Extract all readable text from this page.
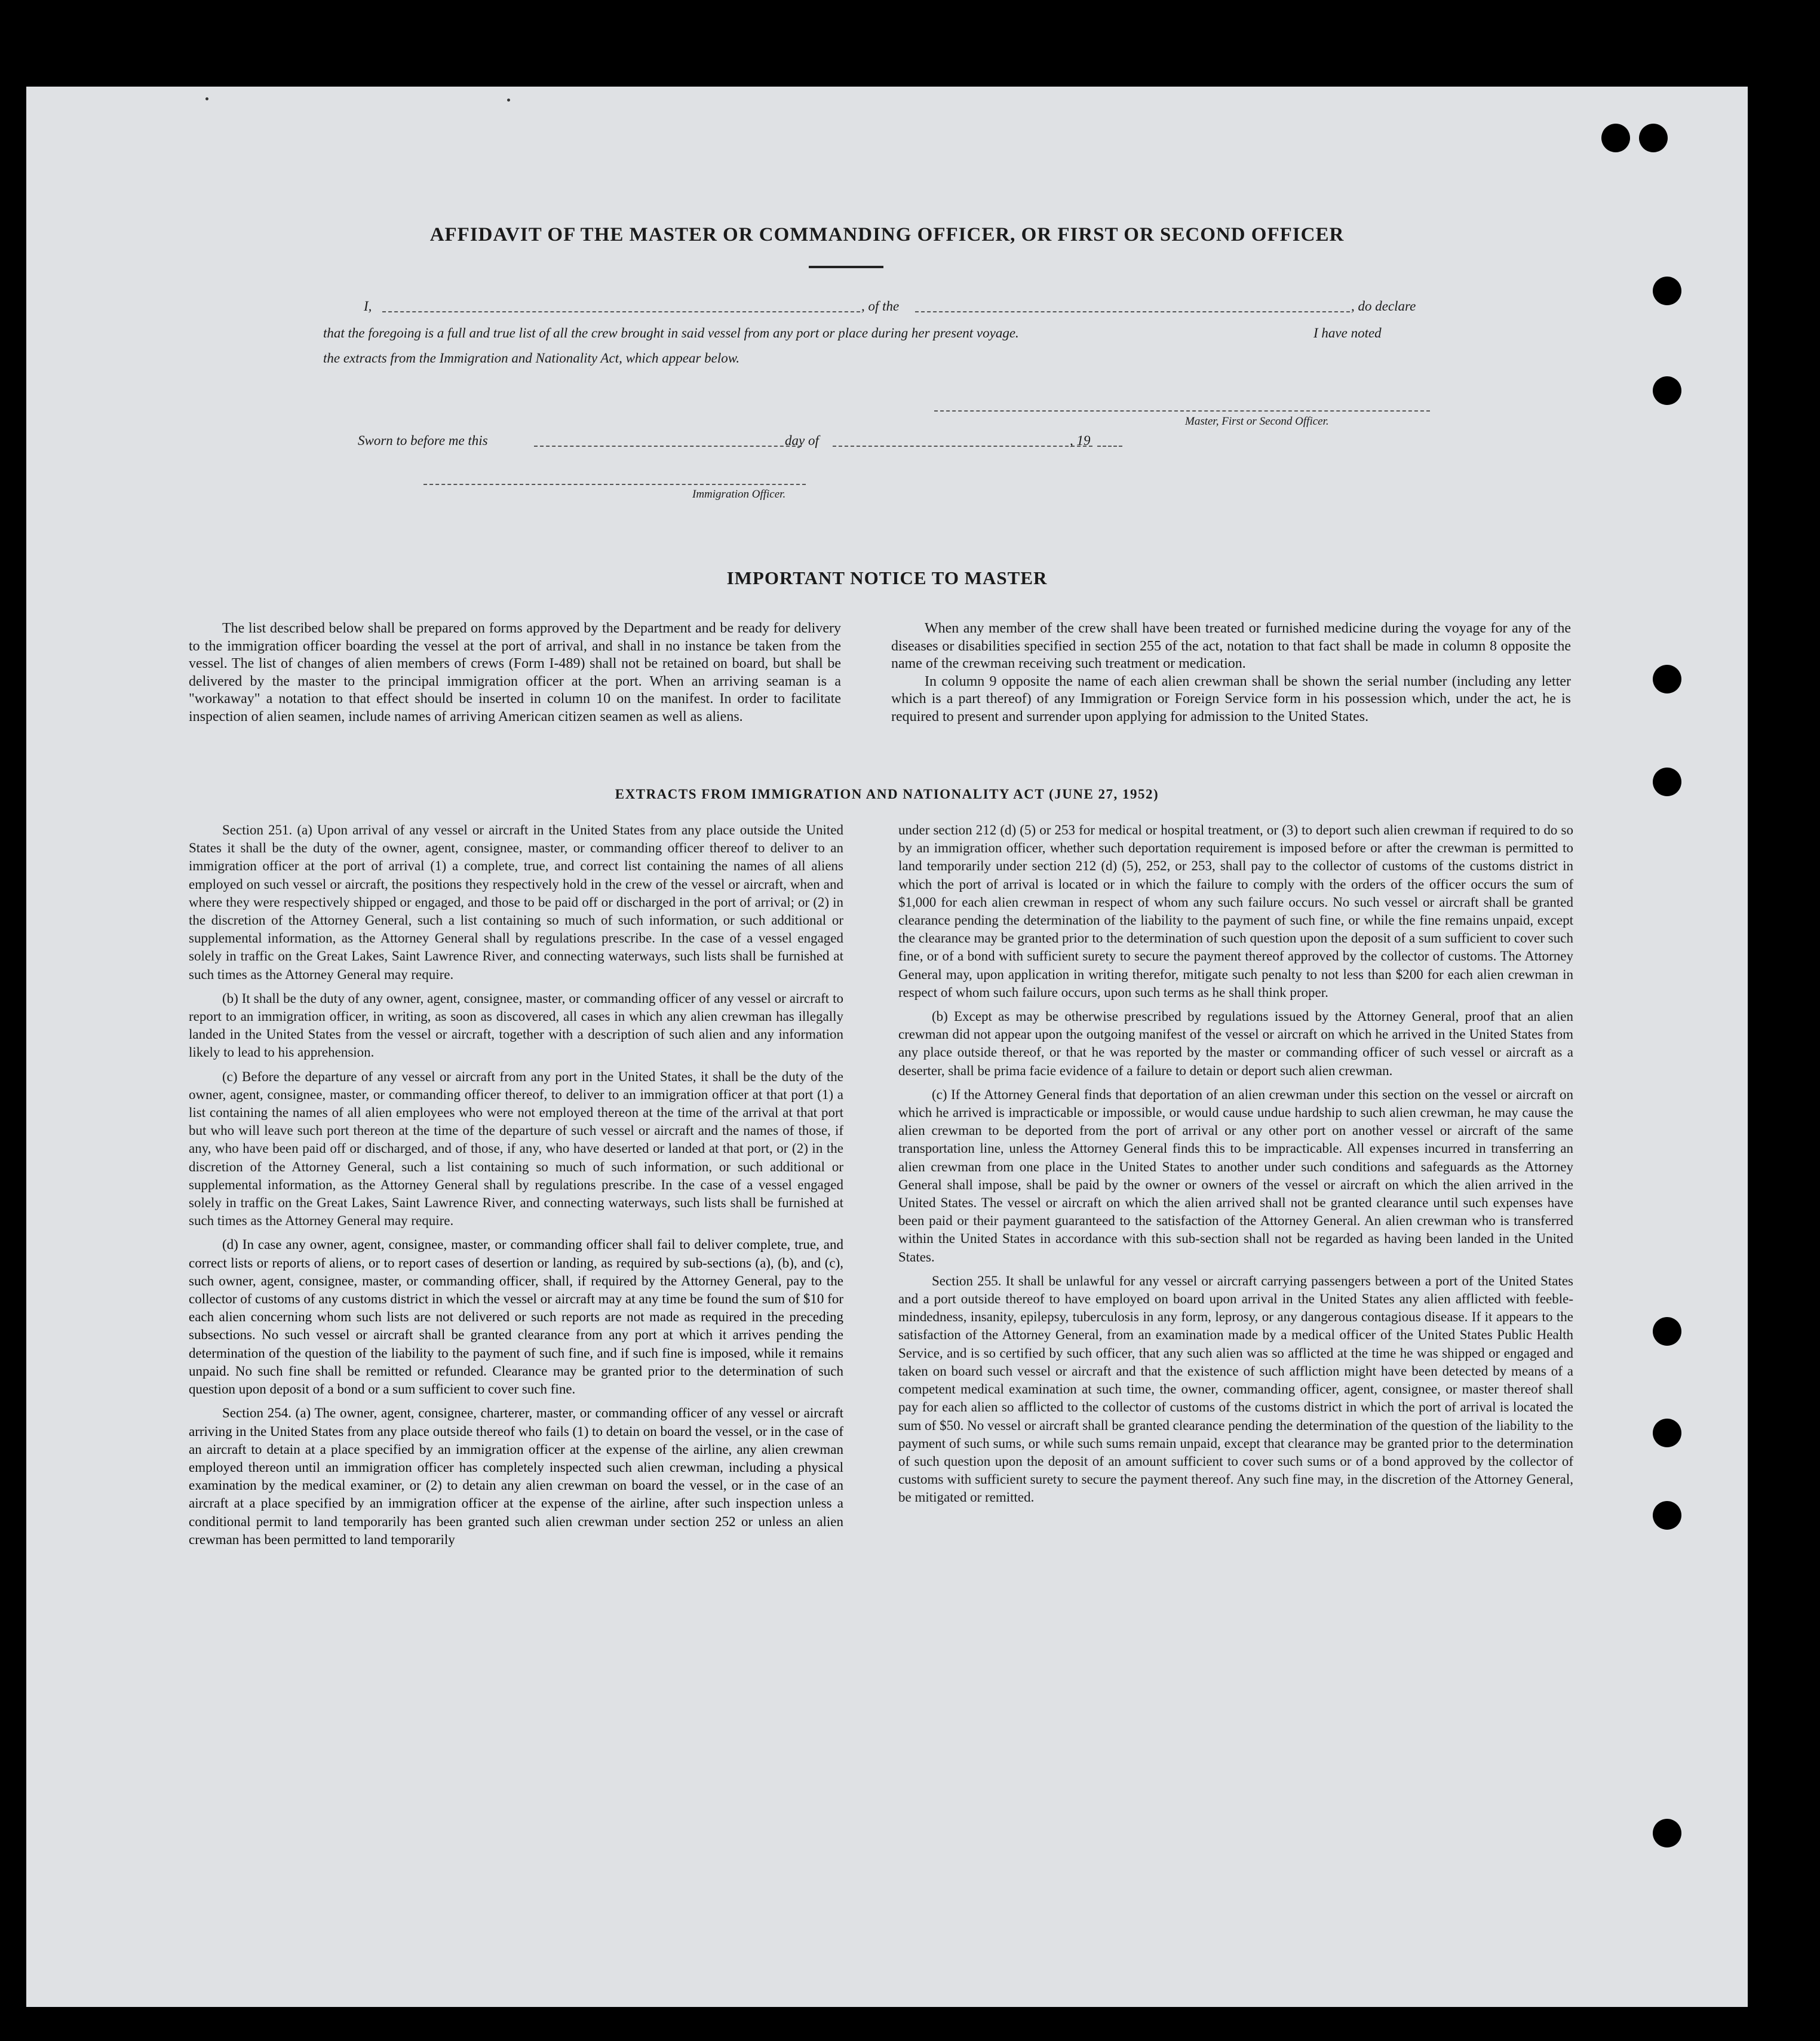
AFFIDAVIT OF THE MASTER OR COMMANDING OFFICER, OR FIRST OR SECOND OFFICER
I,	, of the	, do declare
that the foregoing is a full and true list of all the crew brought in said vessel from any port or place during her present voyage.	I have noted
the extracts from the Immigration and Nationality Act, which appear below.
Master, First or Second Officer.
Sworn to before me this	day of	, 19
Immigration Officer.
IMPORTANT NOTICE TO MASTER

The list described below shall be prepared on forms approved by the Department and be ready for delivery to the immigration officer boarding the vessel at the port of arrival, and shall in no instance be taken from the vessel. The list of changes of alien members of crews (Form I-489) shall not be retained on board, but shall be delivered by the master to the principal immigration officer at the port. When an arriving seaman is a "workaway" a notation to that effect should be inserted in column 10 on the manifest. In order to facilitate inspection of alien seamen, include names of arriving American citizen seamen as well as aliens.

When any member of the crew shall have been treated or furnished medicine during the voyage for any of the diseases or disabilities specified in section 255 of the act, notation to that fact shall be made in column 8 opposite the name of the crewman receiving such treatment or medication.

In column 9 opposite the name of each alien crewman shall be shown the serial number (including any letter which is a part thereof) of any Immigration or Foreign Service form in his possession which, under the act, he is required to present and surrender upon applying for admission to the United States.

EXTRACTS FROM IMMIGRATION AND NATIONALITY ACT (JUNE 27, 1952)

Section 251. (a) Upon arrival of any vessel or aircraft in the United States from any place outside the United States it shall be the duty of the owner, agent, consignee, master, or commanding officer thereof to deliver to an immigration officer at the port of arrival (1) a complete, true, and correct list containing the names of all aliens employed on such vessel or aircraft, the positions they respectively hold in the crew of the vessel or aircraft, when and where they were respectively shipped or engaged, and those to be paid off or discharged in the port of arrival; or (2) in the discretion of the Attorney General, such a list containing so much of such information, or such additional or supplemental information, as the Attorney General shall by regulations prescribe. In the case of a vessel engaged solely in traffic on the Great Lakes, Saint Lawrence River, and connecting waterways, such lists shall be furnished at such times as the Attorney General may require.

(b) It shall be the duty of any owner, agent, consignee, master, or commanding officer of any vessel or aircraft to report to an immigration officer, in writing, as soon as discovered, all cases in which any alien crewman has illegally landed in the United States from the vessel or aircraft, together with a description of such alien and any information likely to lead to his apprehension.

(c) Before the departure of any vessel or aircraft from any port in the United States, it shall be the duty of the owner, agent, consignee, master, or commanding officer thereof, to deliver to an immigration officer at that port (1) a list containing the names of all alien employees who were not employed thereon at the time of the arrival at that port but who will leave such port thereon at the time of the departure of such vessel or aircraft and the names of those, if any, who have been paid off or discharged, and of those, if any, who have deserted or landed at that port, or (2) in the discretion of the Attorney General, such a list containing so much of such information, or such additional or supplemental information, as the Attorney General shall by regulations prescribe. In the case of a vessel engaged solely in traffic on the Great Lakes, Saint Lawrence River, and connecting waterways, such lists shall be furnished at such times as the Attorney General may require.

(d) In case any owner, agent, consignee, master, or commanding officer shall fail to deliver complete, true, and correct lists or reports of aliens, or to report cases of desertion or landing, as required by sub-sections (a), (b), and (c), such owner, agent, consignee, master, or commanding officer, shall, if required by the Attorney General, pay to the collector of customs of any customs district in which the vessel or aircraft may at any time be found the sum of $10 for each alien concerning whom such lists are not delivered or such reports are not made as required in the preceding subsections. No such vessel or aircraft shall be granted clearance from any port at which it arrives pending the determination of the question of the liability to the payment of such fine, and if such fine is imposed, while it remains unpaid. No such fine shall be remitted or refunded. Clearance may be granted prior to the determination of such question upon deposit of a bond or a sum sufficient to cover such fine.

Section 254. (a) The owner, agent, consignee, charterer, master, or commanding officer of any vessel or aircraft arriving in the United States from any place outside thereof who fails (1) to detain on board the vessel, or in the case of an aircraft to detain at a place specified by an immigration officer at the expense of the airline, any alien crewman employed thereon until an immigration officer has completely inspected such alien crewman, including a physical examination by the medical examiner, or (2) to detain any alien crewman on board the vessel, or in the case of an aircraft at a place specified by an immigration officer at the expense of the airline, after such inspection unless a conditional permit to land temporarily has been granted such alien crewman under section 252 or unless an alien crewman has been permitted to land temporarily

under section 212 (d) (5) or 253 for medical or hospital treatment, or (3) to deport such alien crewman if required to do so by an immigration officer, whether such deportation requirement is imposed before or after the crewman is permitted to land temporarily under section 212 (d) (5), 252, or 253, shall pay to the collector of customs of the customs district in which the port of arrival is located or in which the failure to comply with the orders of the officer occurs the sum of $1,000 for each alien crewman in respect of whom any such failure occurs. No such vessel or aircraft shall be granted clearance pending the determination of the liability to the payment of such fine, or while the fine remains unpaid, except the clearance may be granted prior to the determination of such question upon the deposit of a sum sufficient to cover such fine, or of a bond with sufficient surety to secure the payment thereof approved by the collector of customs. The Attorney General may, upon application in writing therefor, mitigate such penalty to not less than $200 for each alien crewman in respect of whom such failure occurs, upon such terms as he shall think proper.

(b) Except as may be otherwise prescribed by regulations issued by the Attorney General, proof that an alien crewman did not appear upon the outgoing manifest of the vessel or aircraft on which he arrived in the United States from any place outside thereof, or that he was reported by the master or commanding officer of such vessel or aircraft as a deserter, shall be prima facie evidence of a failure to detain or deport such alien crewman.

(c) If the Attorney General finds that deportation of an alien crewman under this section on the vessel or aircraft on which he arrived is impracticable or impossible, or would cause undue hardship to such alien crewman, he may cause the alien crewman to be deported from the port of arrival or any other port on another vessel or aircraft of the same transportation line, unless the Attorney General finds this to be impracticable. All expenses incurred in transferring an alien crewman from one place in the United States to another under such conditions and safeguards as the Attorney General shall impose, shall be paid by the owner or owners of the vessel or aircraft on which the alien arrived in the United States. The vessel or aircraft on which the alien arrived shall not be granted clearance until such expenses have been paid or their payment guaranteed to the satisfaction of the Attorney General. An alien crewman who is transferred within the United States in accordance with this sub-section shall not be regarded as having been landed in the United States.

Section 255. It shall be unlawful for any vessel or aircraft carrying passengers between a port of the United States and a port outside thereof to have employed on board upon arrival in the United States any alien afflicted with feeble-mindedness, insanity, epilepsy, tuberculosis in any form, leprosy, or any dangerous contagious disease. If it appears to the satisfaction of the Attorney General, from an examination made by a medical officer of the United States Public Health Service, and is so certified by such officer, that any such alien was so afflicted at the time he was shipped or engaged and taken on board such vessel or aircraft and that the existence of such affliction might have been detected by means of a competent medical examination at such time, the owner, commanding officer, agent, consignee, or master thereof shall pay for each alien so afflicted to the collector of customs of the customs district in which the port of arrival is located the sum of $50. No vessel or aircraft shall be granted clearance pending the determination of the question of the liability to the payment of such sums, or while such sums remain unpaid, except that clearance may be granted prior to the determination of such question upon the deposit of an amount sufficient to cover such sums or of a bond approved by the collector of customs with sufficient surety to secure the payment thereof. Any such fine may, in the discretion of the Attorney General, be mitigated or remitted.
